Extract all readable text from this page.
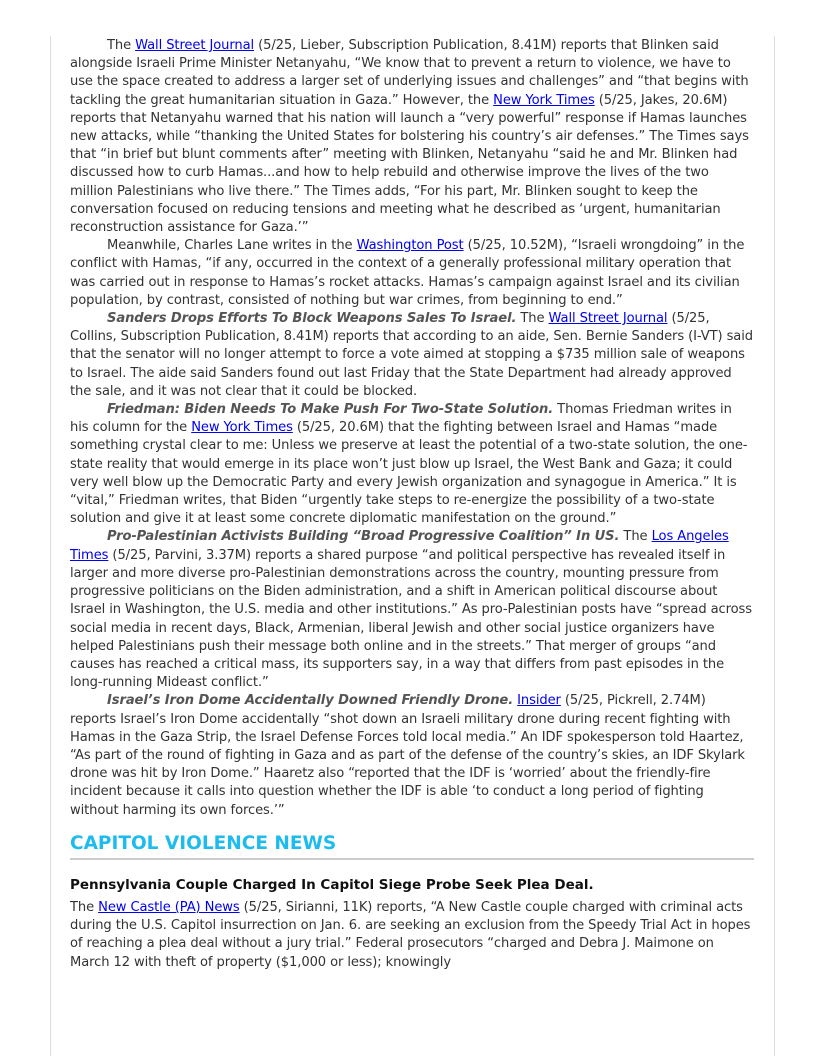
The Wall Street Journal (5/25, Lieber, Subscription Publication, 8.41M) reports that Blinken said alongside Israeli Prime Minister Netanyahu, “We know that to prevent a return to violence, we have to use the space created to address a larger set of underlying issues and challenges” and “that begins with tackling the great humanitarian situation in Gaza.” However, the New York Times (5/25, Jakes, 20.6M) reports that Netanyahu warned that his nation will launch a “very powerful” response if Hamas launches new attacks, while “thanking the United States for bolstering his country’s air defenses.” The Times says that “in brief but blunt comments after” meeting with Blinken, Netanyahu “said he and Mr. Blinken had discussed how to curb Hamas...and how to help rebuild and otherwise improve the lives of the two million Palestinians who live there.” The Times adds, “For his part, Mr. Blinken sought to keep the conversation focused on reducing tensions and meeting what he described as ‘urgent, humanitarian reconstruction assistance for Gaza.’”

Meanwhile, Charles Lane writes in the Washington Post (5/25, 10.52M), “Israeli wrongdoing” in the conflict with Hamas, “if any, occurred in the context of a generally professional military operation that was carried out in response to Hamas’s rocket attacks. Hamas’s campaign against Israel and its civilian population, by contrast, consisted of nothing but war crimes, from beginning to end.”

Sanders Drops Efforts To Block Weapons Sales To Israel. The Wall Street Journal (5/25, Collins, Subscription Publication, 8.41M) reports that according to an aide, Sen. Bernie Sanders (I-VT) said that the senator will no longer attempt to force a vote aimed at stopping a $735 million sale of weapons to Israel. The aide said Sanders found out last Friday that the State Department had already approved the sale, and it was not clear that it could be blocked.

Friedman: Biden Needs To Make Push For Two-State Solution. Thomas Friedman writes in his column for the New York Times (5/25, 20.6M) that the fighting between Israel and Hamas “made something crystal clear to me: Unless we preserve at least the potential of a two-state solution, the one-state reality that would emerge in its place won’t just blow up Israel, the West Bank and Gaza; it could very well blow up the Democratic Party and every Jewish organization and synagogue in America.” It is “vital,” Friedman writes, that Biden “urgently take steps to re-energize the possibility of a two-state solution and give it at least some concrete diplomatic manifestation on the ground.”

Pro-Palestinian Activists Building “Broad Progressive Coalition” In US. The Los Angeles Times (5/25, Parvini, 3.37M) reports a shared purpose “and political perspective has revealed itself in larger and more diverse pro-Palestinian demonstrations across the country, mounting pressure from progressive politicians on the Biden administration, and a shift in American political discourse about Israel in Washington, the U.S. media and other institutions.” As pro-Palestinian posts have “spread across social media in recent days, Black, Armenian, liberal Jewish and other social justice organizers have helped Palestinians push their message both online and in the streets.” That merger of groups “and causes has reached a critical mass, its supporters say, in a way that differs from past episodes in the long-running Mideast conflict.”

Israel’s Iron Dome Accidentally Downed Friendly Drone. Insider (5/25, Pickrell, 2.74M) reports Israel’s Iron Dome accidentally “shot down an Israeli military drone during recent fighting with Hamas in the Gaza Strip, the Israel Defense Forces told local media.” An IDF spokesperson told Haartez, “As part of the round of fighting in Gaza and as part of the defense of the country’s skies, an IDF Skylark drone was hit by Iron Dome.” Haaretz also “reported that the IDF is ‘worried’ about the friendly-fire incident because it calls into question whether the IDF is able ‘to conduct a long period of fighting without harming its own forces.’”

CAPITOL VIOLENCE NEWS
Pennsylvania Couple Charged In Capitol Siege Probe Seek Plea Deal.

The New Castle (PA) News (5/25, Sirianni, 11K) reports, “A New Castle couple charged with criminal acts during the U.S. Capitol insurrection on Jan. 6. are seeking an exclusion from the Speedy Trial Act in hopes of reaching a plea deal without a jury trial.” Federal prosecutors “charged and Debra J. Maimone on March 12 with theft of property ($1,000 or less); knowingly
